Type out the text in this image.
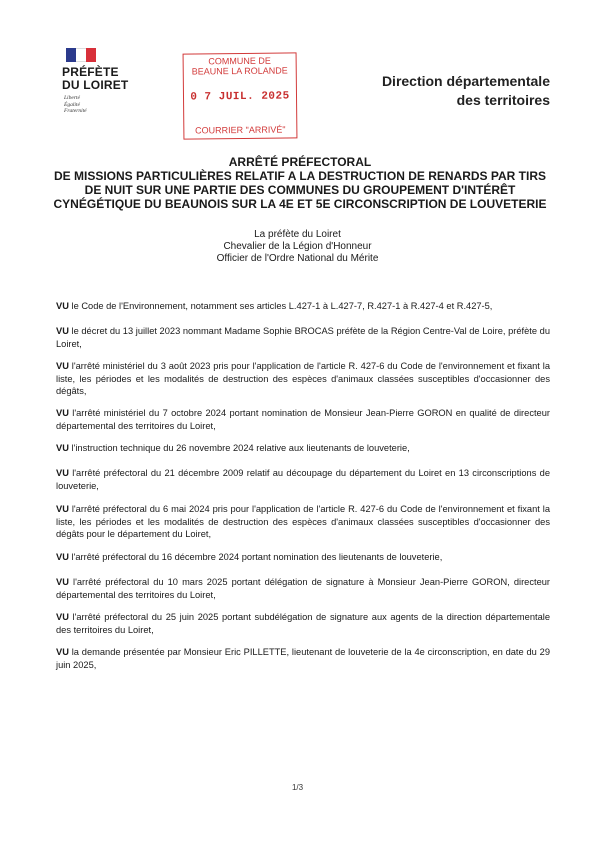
PRÉFÈTE
DU LOIRET
Liberté
Égalité
Fraternité
COMMUNE DE
BEAUNE LA ROLANDE
0 7 JUIL. 2025
COURRIER "ARRIVÉ"
Direction départementale
des territoires
ARRÊTÉ PRÉFECTORAL
DE MISSIONS PARTICULIÈRES RELATIF A LA DESTRUCTION DE RENARDS PAR TIRS
DE NUIT SUR UNE PARTIE DES COMMUNES DU GROUPEMENT D'INTÉRÊT
CYNÉGÉTIQUE DU BEAUNOIS SUR LA 4E ET 5E CIRCONSCRIPTION DE LOUVETERIE
La préfète du Loiret
Chevalier de la Légion d'Honneur
Officier de l'Ordre National du Mérite

VU le Code de l'Environnement, notamment ses articles L.427-1 à L.427-7, R.427-1 à R.427-4 et R.427-5,

VU le décret du 13 juillet 2023 nommant Madame Sophie BROCAS préfète de la Région Centre-Val de Loire, préfète du Loiret,

VU l'arrêté ministériel du 3 août 2023 pris pour l'application de l'article R. 427-6 du Code de l'environnement et fixant la liste, les périodes et les modalités de destruction des espèces d'animaux classées susceptibles d'occasionner des dégâts,

VU l'arrêté ministériel du 7 octobre 2024 portant nomination de Monsieur Jean-Pierre GORON en qualité de directeur départemental des territoires du Loiret,

VU l'instruction technique du 26 novembre 2024 relative aux lieutenants de louveterie,

VU l'arrêté préfectoral du 21 décembre 2009 relatif au découpage du département du Loiret en 13 circonscriptions de louveterie,

VU l'arrêté préfectoral du 6 mai 2024 pris pour l'application de l'article R. 427-6 du Code de l'environnement et fixant la liste, les périodes et les modalités de destruction des espèces d'animaux classées susceptibles d'occasionner des dégâts pour le département du Loiret,

VU l'arrêté préfectoral du 16 décembre 2024 portant nomination des lieutenants de louveterie,

VU l'arrêté préfectoral du 10 mars 2025 portant délégation de signature à Monsieur Jean-Pierre GORON, directeur départemental des territoires du Loiret,

VU l'arrêté préfectoral du 25 juin 2025 portant subdélégation de signature aux agents de la direction départementale des territoires du Loiret,

VU la demande présentée par Monsieur Eric PILLETTE, lieutenant de louveterie de la 4e circonscription, en date du 29 juin 2025,

1/3
